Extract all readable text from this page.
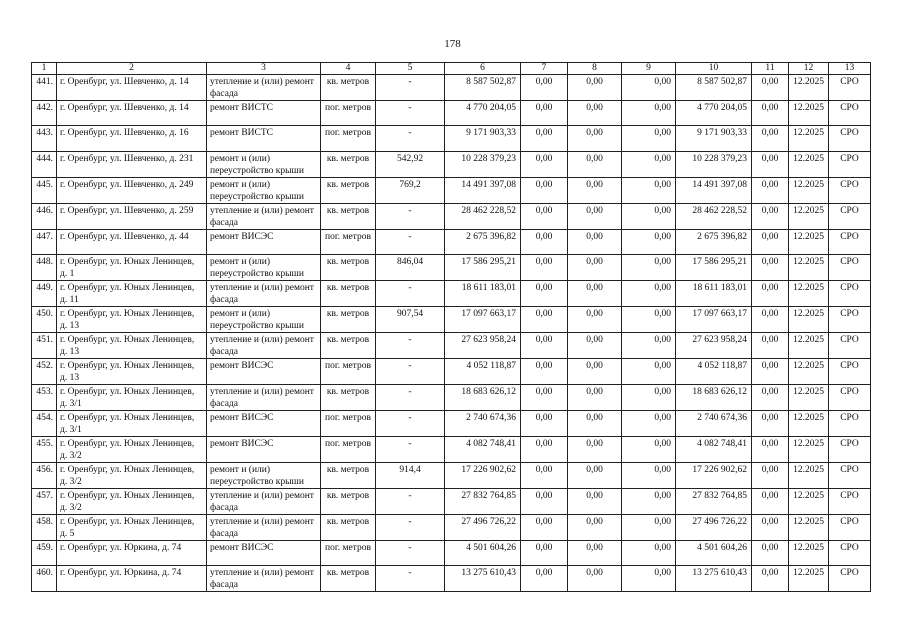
178
1	2	3	4	5	6	7	8	9	10	11	12	13
441.	г. Оренбург, ул. Шевченко, д. 14	утепление и (или) ремонт фасада	кв. метров	-	8 587 502,87	0,00	0,00	0,00	8 587 502,87	0,00	12.2025	СРО
442.	г. Оренбург, ул. Шевченко, д. 14	ремонт ВИСТС	пог. метров	-	4 770 204,05	0,00	0,00	0,00	4 770 204,05	0,00	12.2025	СРО
443.	г. Оренбург, ул. Шевченко, д. 16	ремонт ВИСТС	пог. метров	-	9 171 903,33	0,00	0,00	0,00	9 171 903,33	0,00	12.2025	СРО
444.	г. Оренбург, ул. Шевченко, д. 231	ремонт и (или) переустройство крыши	кв. метров	542,92	10 228 379,23	0,00	0,00	0,00	10 228 379,23	0,00	12.2025	СРО
445.	г. Оренбург, ул. Шевченко, д. 249	ремонт и (или) переустройство крыши	кв. метров	769,2	14 491 397,08	0,00	0,00	0,00	14 491 397,08	0,00	12.2025	СРО
446.	г. Оренбург, ул. Шевченко, д. 259	утепление и (или) ремонт фасада	кв. метров	-	28 462 228,52	0,00	0,00	0,00	28 462 228,52	0,00	12.2025	СРО
447.	г. Оренбург, ул. Шевченко, д. 44	ремонт ВИСЭС	пог. метров	-	2 675 396,82	0,00	0,00	0,00	2 675 396,82	0,00	12.2025	СРО
448.	г. Оренбург, ул. Юных Ленинцев, д. 1	ремонт и (или) переустройство крыши	кв. метров	846,04	17 586 295,21	0,00	0,00	0,00	17 586 295,21	0,00	12.2025	СРО
449.	г. Оренбург, ул. Юных Ленинцев, д. 11	утепление и (или) ремонт фасада	кв. метров	-	18 611 183,01	0,00	0,00	0,00	18 611 183,01	0,00	12.2025	СРО
450.	г. Оренбург, ул. Юных Ленинцев, д. 13	ремонт и (или) переустройство крыши	кв. метров	907,54	17 097 663,17	0,00	0,00	0,00	17 097 663,17	0,00	12.2025	СРО
451.	г. Оренбург, ул. Юных Ленинцев, д. 13	утепление и (или) ремонт фасада	кв. метров	-	27 623 958,24	0,00	0,00	0,00	27 623 958,24	0,00	12.2025	СРО
452.	г. Оренбург, ул. Юных Ленинцев, д. 13	ремонт ВИСЭС	пог. метров	-	4 052 118,87	0,00	0,00	0,00	4 052 118,87	0,00	12.2025	СРО
453.	г. Оренбург, ул. Юных Ленинцев, д. 3/1	утепление и (или) ремонт фасада	кв. метров	-	18 683 626,12	0,00	0,00	0,00	18 683 626,12	0,00	12.2025	СРО
454.	г. Оренбург, ул. Юных Ленинцев, д. 3/1	ремонт ВИСЭС	пог. метров	-	2 740 674,36	0,00	0,00	0,00	2 740 674,36	0,00	12.2025	СРО
455.	г. Оренбург, ул. Юных Ленинцев, д. 3/2	ремонт ВИСЭС	пог. метров	-	4 082 748,41	0,00	0,00	0,00	4 082 748,41	0,00	12.2025	СРО
456.	г. Оренбург, ул. Юных Ленинцев, д. 3/2	ремонт и (или) переустройство крыши	кв. метров	914,4	17 226 902,62	0,00	0,00	0,00	17 226 902,62	0,00	12.2025	СРО
457.	г. Оренбург, ул. Юных Ленинцев, д. 3/2	утепление и (или) ремонт фасада	кв. метров	-	27 832 764,85	0,00	0,00	0,00	27 832 764,85	0,00	12.2025	СРО
458.	г. Оренбург, ул. Юных Ленинцев, д. 5	утепление и (или) ремонт фасада	кв. метров	-	27 496 726,22	0,00	0,00	0,00	27 496 726,22	0,00	12.2025	СРО
459.	г. Оренбург, ул. Юркина, д. 74	ремонт ВИСЭС	пог. метров	-	4 501 604,26	0,00	0,00	0,00	4 501 604,26	0,00	12.2025	СРО
460.	г. Оренбург, ул. Юркина, д. 74	утепление и (или) ремонт фасада	кв. метров	-	13 275 610,43	0,00	0,00	0,00	13 275 610,43	0,00	12.2025	СРО
